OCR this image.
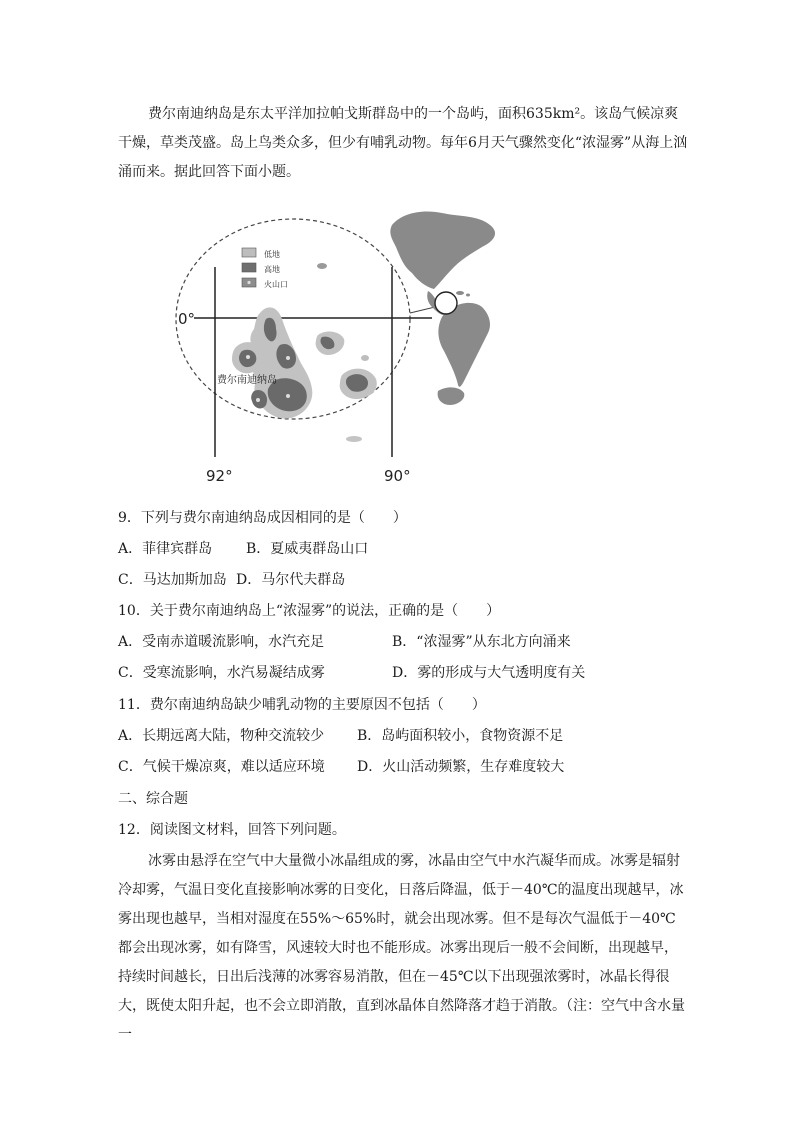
费尔南迪纳岛是东太平洋加拉帕戈斯群岛中的一个岛屿，面积635km²。该岛气候凉爽干燥，草类茂盛。岛上鸟类众多，但少有哺乳动物。每年6月天气骤然变化“浓湿雾”从海上汹涌而来。据此回答下面小题。

低地
高地
火山口
费尔南迪纳岛
0°
92°	90°

9．下列与费尔南迪纳岛成因相同的是（　　）

A．菲律宾群岛 B．夏威夷群岛山口

C．马达加斯加岛 D．马尔代夫群岛

10．关于费尔南迪纳岛上“浓湿雾”的说法，正确的是（　　）

A．受南赤道暖流影响，水汽充足	B．“浓湿雾”从东北方向涌来

C．受寒流影响，水汽易凝结成雾	D．雾的形成与大气透明度有关

11．费尔南迪纳岛缺少哺乳动物的主要原因不包括（　　）

A．长期远离大陆，物种交流较少 B．岛屿面积较小，食物资源不足

C．气候干燥凉爽，难以适应环境 D．火山活动频繁，生存难度较大

二、综合题

12．阅读图文材料，回答下列问题。

冰雾由悬浮在空气中大量微小冰晶组成的雾，冰晶由空气中水汽凝华而成。冰雾是辐射冷却雾，气温日变化直接影响冰雾的日变化，日落后降温，低于－40℃的温度出现越早，冰雾出现也越早，当相对湿度在55%～65%时，就会出现冰雾。但不是每次气温低于－40℃都会出现冰雾，如有降雪，风速较大时也不能形成。冰雾出现后一般不会间断，出现越早，持续时间越长，日出后浅薄的冰雾容易消散，但在－45℃以下出现强浓雾时，冰晶长得很大，既使太阳升起，也不会立即消散，直到冰晶体自然降落才趋于消散。（注：空气中含水量一
